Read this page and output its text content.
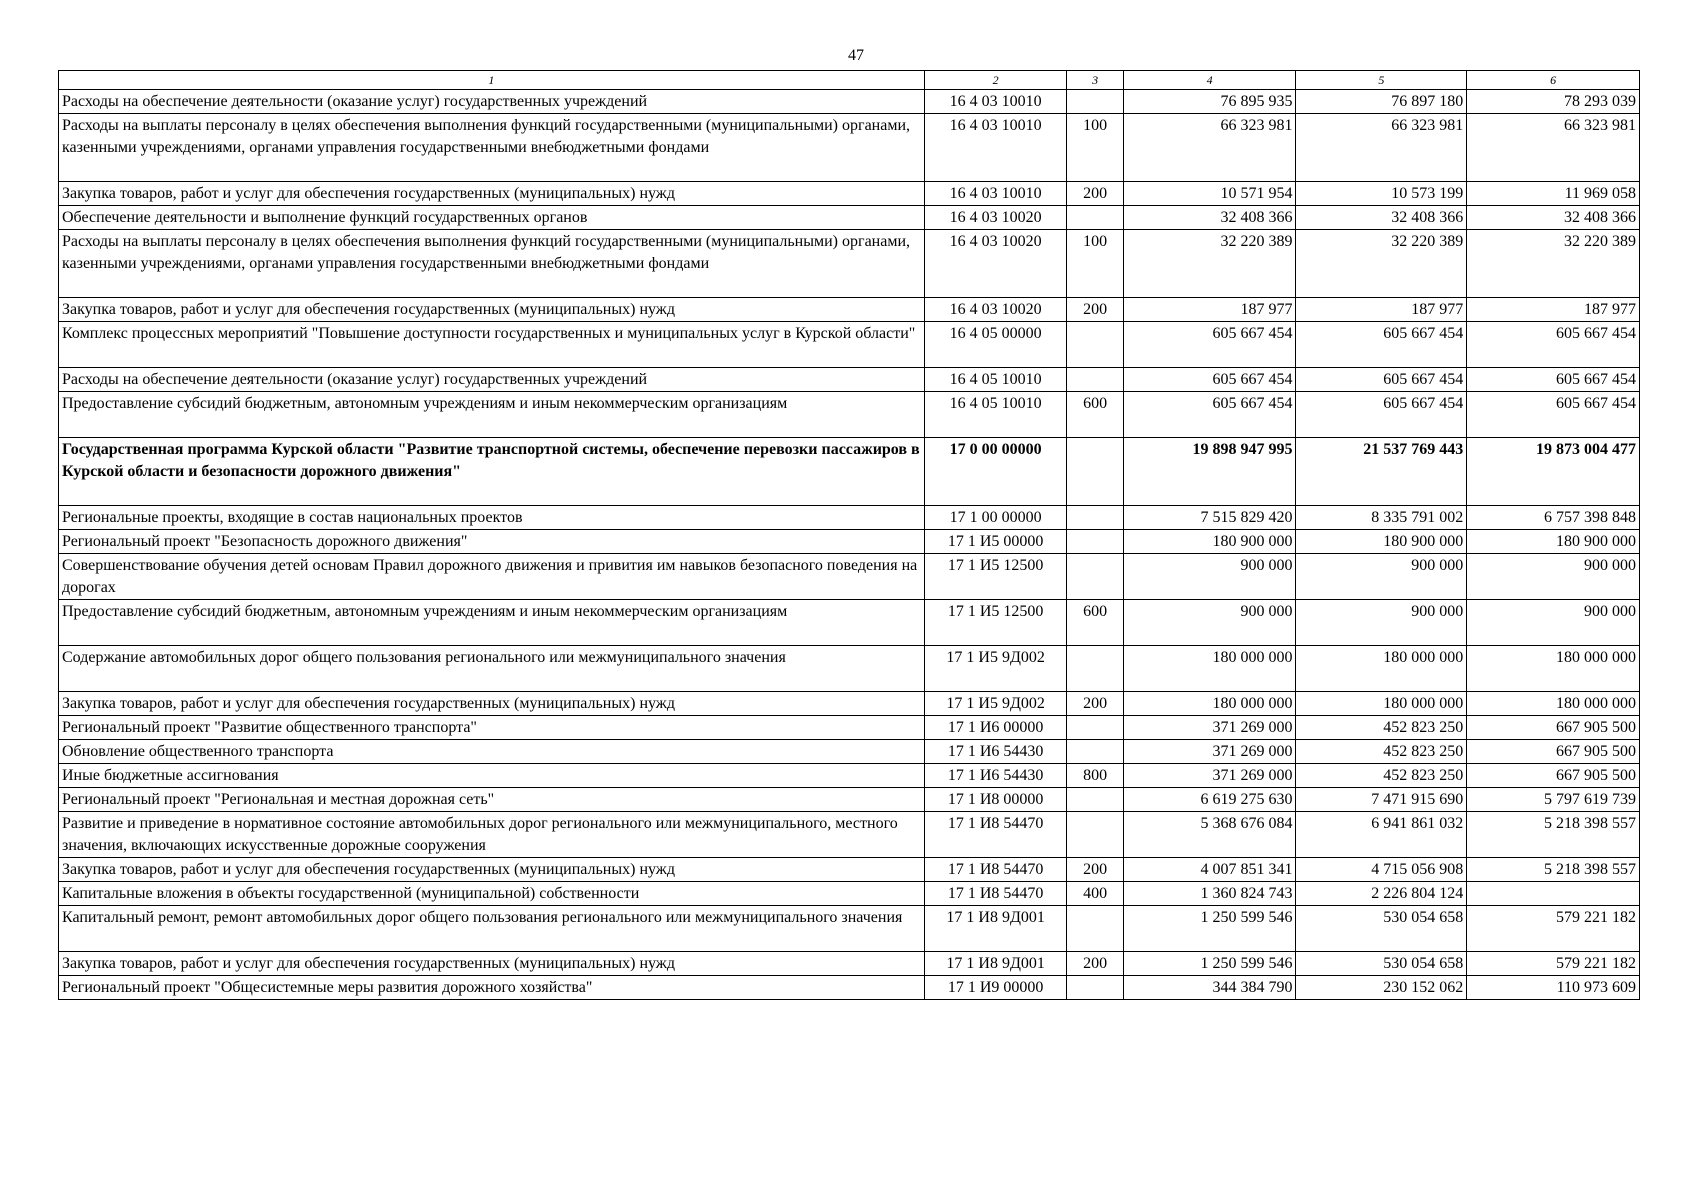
47
1	2	3	4	5	6
Расходы на обеспечение деятельности (оказание услуг) государственных учреждений	16 4 03 10010		76 895 935	76 897 180	78 293 039
Расходы на выплаты персоналу в целях обеспечения выполнения функций государственными (муниципальными) органами, казенными учреждениями, органами управления государственными внебюджетными фондами	16 4 03 10010	100	66 323 981	66 323 981	66 323 981
Закупка товаров, работ и услуг для обеспечения государственных (муниципальных) нужд	16 4 03 10010	200	10 571 954	10 573 199	11 969 058
Обеспечение деятельности и выполнение функций государственных органов	16 4 03 10020		32 408 366	32 408 366	32 408 366
Расходы на выплаты персоналу в целях обеспечения выполнения функций государственными (муниципальными) органами, казенными учреждениями, органами управления государственными внебюджетными фондами	16 4 03 10020	100	32 220 389	32 220 389	32 220 389
Закупка товаров, работ и услуг для обеспечения государственных (муниципальных) нужд	16 4 03 10020	200	187 977	187 977	187 977
Комплекс процессных мероприятий "Повышение доступности государственных и муниципальных услуг в Курской области"	16 4 05 00000		605 667 454	605 667 454	605 667 454
Расходы на обеспечение деятельности (оказание услуг) государственных учреждений	16 4 05 10010		605 667 454	605 667 454	605 667 454
Предоставление субсидий бюджетным, автономным учреждениям и иным некоммерческим организациям	16 4 05 10010	600	605 667 454	605 667 454	605 667 454
Государственная программа Курской области "Развитие транспортной системы, обеспечение перевозки пассажиров в Курской области и безопасности дорожного движения"	17 0 00 00000		19 898 947 995	21 537 769 443	19 873 004 477
Региональные проекты, входящие в состав национальных проектов	17 1 00 00000		7 515 829 420	8 335 791 002	6 757 398 848
Региональный проект "Безопасность дорожного движения"	17 1 И5 00000		180 900 000	180 900 000	180 900 000
Совершенствование обучения детей основам Правил дорожного движения и привития им навыков безопасного поведения на дорогах	17 1 И5 12500		900 000	900 000	900 000
Предоставление субсидий бюджетным, автономным учреждениям и иным некоммерческим организациям	17 1 И5 12500	600	900 000	900 000	900 000
Содержание автомобильных дорог общего пользования регионального или межмуниципального значения	17 1 И5 9Д002		180 000 000	180 000 000	180 000 000
Закупка товаров, работ и услуг для обеспечения государственных (муниципальных) нужд	17 1 И5 9Д002	200	180 000 000	180 000 000	180 000 000
Региональный проект "Развитие общественного транспорта"	17 1 И6 00000		371 269 000	452 823 250	667 905 500
Обновление общественного транспорта	17 1 И6 54430		371 269 000	452 823 250	667 905 500
Иные бюджетные ассигнования	17 1 И6 54430	800	371 269 000	452 823 250	667 905 500
Региональный проект "Региональная и местная дорожная сеть"	17 1 И8 00000		6 619 275 630	7 471 915 690	5 797 619 739
Развитие и приведение в нормативное состояние автомобильных дорог регионального или межмуниципального, местного значения, включающих искусственные дорожные сооружения	17 1 И8 54470		5 368 676 084	6 941 861 032	5 218 398 557
Закупка товаров, работ и услуг для обеспечения государственных (муниципальных) нужд	17 1 И8 54470	200	4 007 851 341	4 715 056 908	5 218 398 557
Капитальные вложения в объекты государственной (муниципальной) собственности	17 1 И8 54470	400	1 360 824 743	2 226 804 124	
Капитальный ремонт, ремонт автомобильных дорог общего пользования регионального или межмуниципального значения	17 1 И8 9Д001		1 250 599 546	530 054 658	579 221 182
Закупка товаров, работ и услуг для обеспечения государственных (муниципальных) нужд	17 1 И8 9Д001	200	1 250 599 546	530 054 658	579 221 182
Региональный проект "Общесистемные меры развития дорожного хозяйства"	17 1 И9 00000		344 384 790	230 152 062	110 973 609
